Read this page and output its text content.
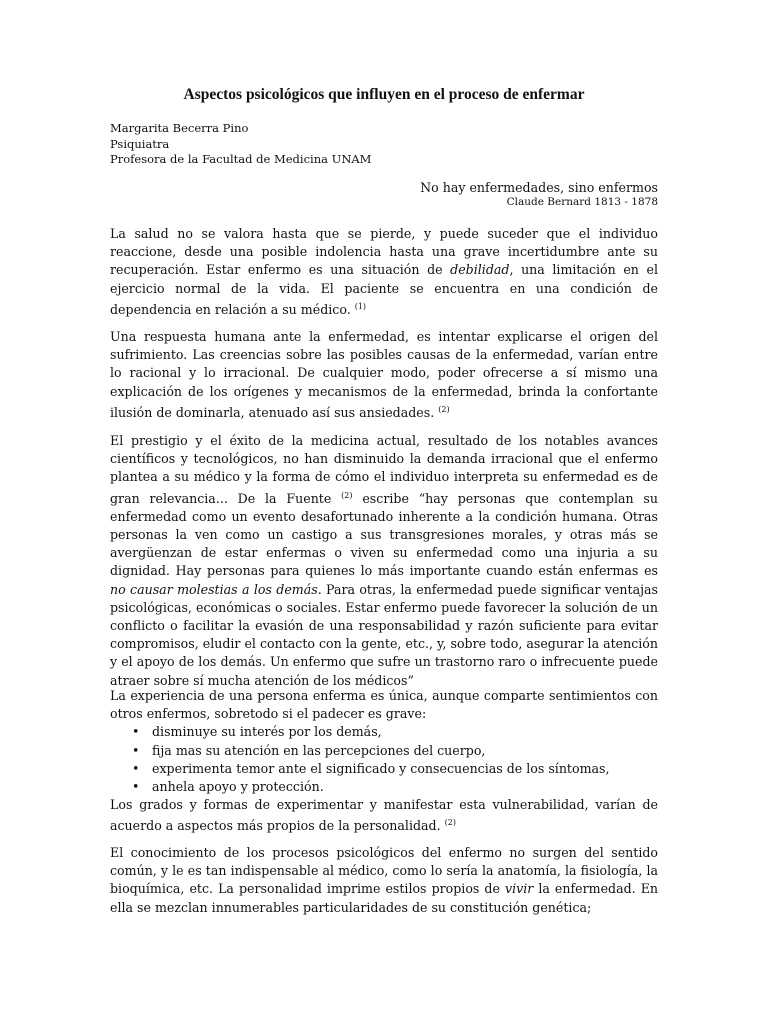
Aspectos psicológicos que influyen en el proceso de enfermar
Margarita Becerra Pino
Psiquiatra
Profesora de la Facultad de Medicina UNAM
No hay enfermedades, sino enfermos
Claude Bernard 1813 - 1878

La salud no se valora hasta que se pierde, y puede suceder que el individuo reaccione, desde una posible indolencia hasta una grave incertidumbre ante su recuperación. Estar enfermo es una situación de debilidad, una limitación en el ejercicio normal de la vida. El paciente se encuentra en una condición de dependencia en relación a su médico. $^{(1)}$

Una respuesta humana ante la enfermedad, es intentar explicarse el origen del sufrimiento. Las creencias sobre las posibles causas de la enfermedad, varían entre lo racional y lo irracional. De cualquier modo, poder ofrecerse a sí mismo una explicación de los orígenes y mecanismos de la enfermedad, brinda la confortante ilusión de dominarla, atenuado así sus ansiedades. $^{(2)}$

El prestigio y el éxito de la medicina actual, resultado de los notables avances científicos y tecnológicos, no han disminuido la demanda irracional que el enfermo plantea a su médico y la forma de cómo el individuo interpreta su enfermedad es de gran relevancia... De la Fuente $^{(2)}$ escribe “hay personas que contemplan su enfermedad como un evento desafortunado inherente a la condición humana. Otras personas la ven como un castigo a sus transgresiones morales, y otras más se avergüenzan de estar enfermas o viven su enfermedad como una injuria a su dignidad. Hay personas para quienes lo más importante cuando están enfermas es no causar molestias a los demás. Para otras, la enfermedad puede significar ventajas psicológicas, económicas o sociales. Estar enfermo puede favorecer la solución de un conflicto o facilitar la evasión de una responsabilidad y razón suficiente para evitar compromisos, eludir el contacto con la gente, etc., y, sobre todo, asegurar la atención y el apoyo de los demás. Un enfermo que sufre un trastorno raro o infrecuente puede atraer sobre sí mucha atención de los médicos”

La experiencia de una persona enferma es única, aunque comparte sentimientos con otros enfermos, sobretodo si el padecer es grave:
• disminuye su interés por los demás,
• fija mas su atención en las percepciones del cuerpo,
• experimenta temor ante el significado y consecuencias de los síntomas,
• anhela apoyo y protección.
Los grados y formas de experimentar y manifestar esta vulnerabilidad, varían de acuerdo a aspectos más propios de la personalidad. $^{(2)}$

El conocimiento de los procesos psicológicos del enfermo no surgen del sentido común, y le es tan indispensable al médico, como lo sería la anatomía, la fisiología, la bioquímica, etc. La personalidad imprime estilos propios de vivir la enfermedad. En ella se mezclan innumerables particularidades de su constitución genética;
